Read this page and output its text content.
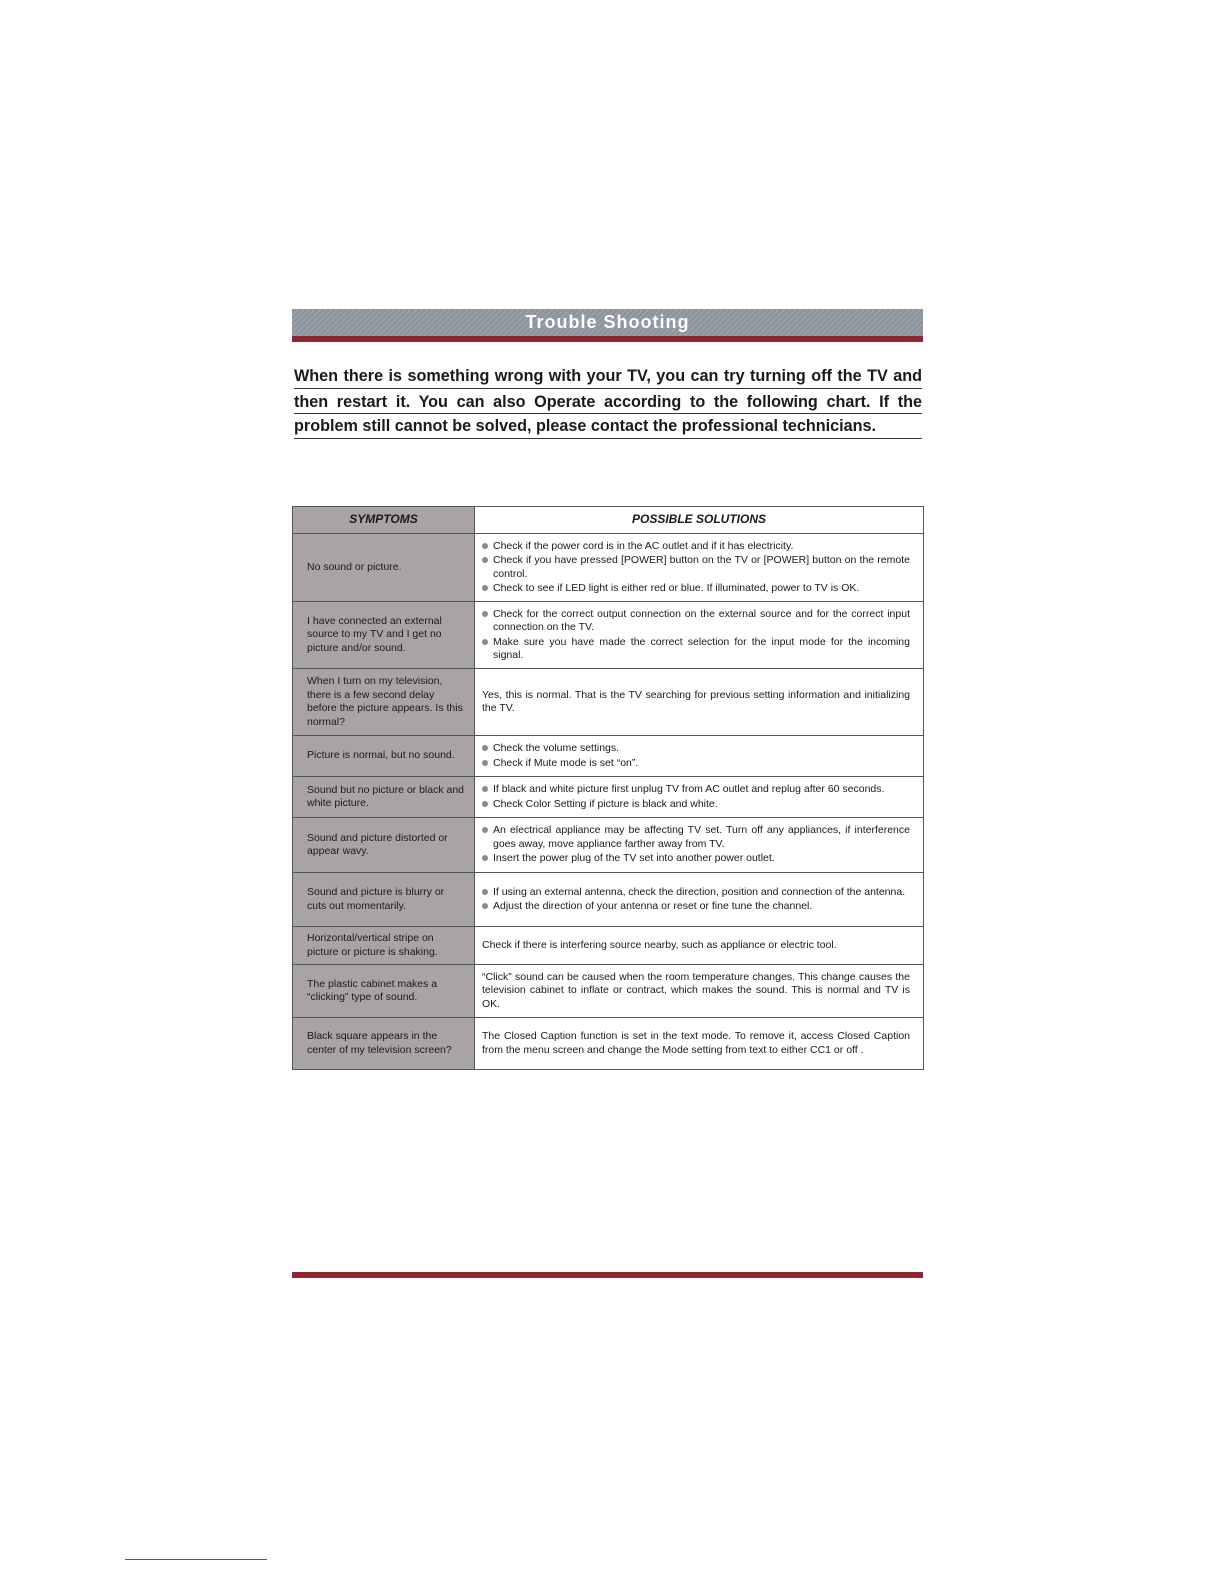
Trouble Shooting
When there is something wrong with your TV, you can try turning off the TV and
then restart it. You can also Operate according to the following chart. If the
problem still cannot be solved, please contact the professional technicians.
SYMPTOMS	POSSIBLE SOLUTIONS
No sound or picture.	Check if the power cord is in the AC outlet and if it has electricity.
Check if you have pressed [POWER] button on the TV or [POWER] button on the remote control.
Check to see if LED light is either red or blue. If illuminated, power to TV is OK.

I have connected an external source to my TV and I get no picture and/or sound.	Check for the correct output connection on the external source and for the correct input connection on the TV.
Make sure you have made the correct selection for the input mode for the incoming signal.

When I turn on my television, there is a few second delay before the picture appears. Is this normal?	Yes, this is normal. That is the TV searching for previous setting information and initializing the TV.

Picture is normal, but no sound.	Check the volume settings.
Check if Mute mode is set “on”.

Sound but no picture or black and white picture.	If black and white picture first unplug TV from AC outlet and replug after 60 seconds.
Check Color Setting if picture is black and white.

Sound and picture distorted or appear wavy.	An electrical appliance may be affecting TV set. Turn off any appliances, if interference goes away, move appliance farther away from TV.
Insert the power plug of the TV set into another power outlet.

Sound and picture is blurry or cuts out momentarily.	If using an external antenna, check the direction, position and connection of the antenna.
Adjust the direction of your antenna or reset or fine tune the channel.

Horizontal/vertical stripe on picture or picture is shaking.	Check if there is interfering source nearby, such as appliance or electric tool.

The plastic cabinet makes a “clicking” type of sound.	“Click” sound can be caused when the room temperature changes. This change causes the television cabinet to inflate or contract, which makes the sound. This is normal and TV is OK.

Black square appears in the center of my television screen?	The Closed Caption function is set in the text mode. To remove it, access Closed Caption from the menu screen and change the Mode setting from text to either CC1 or off .
